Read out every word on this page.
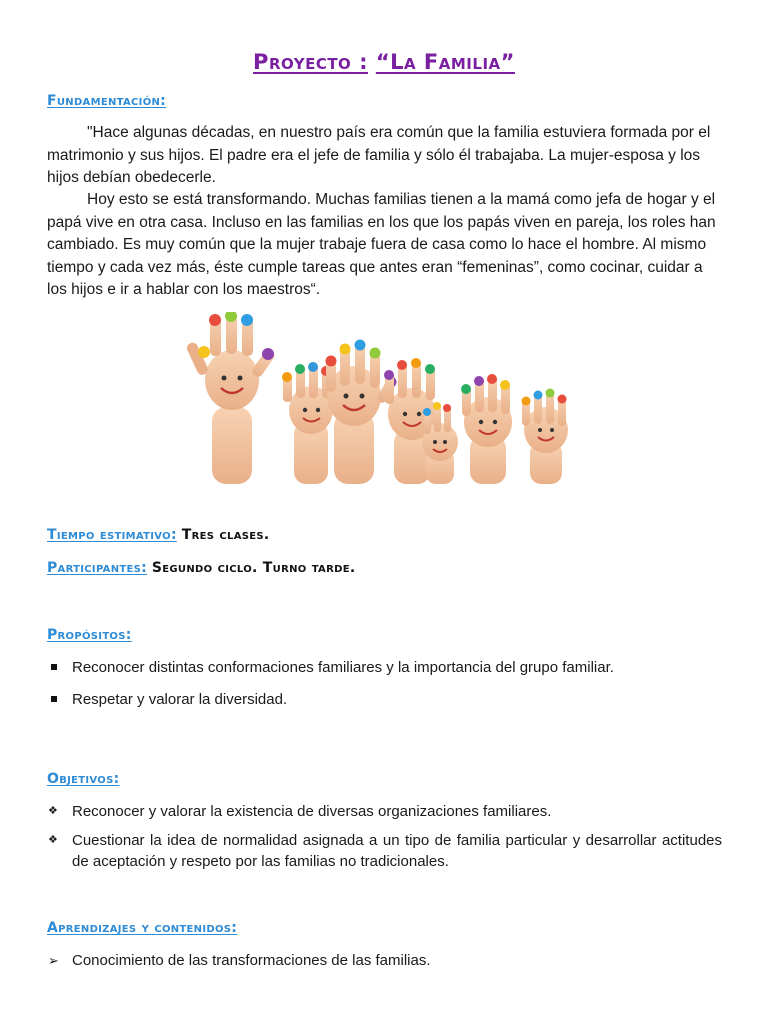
Proyecto : “La Familia”
Fundamentación:

"Hace algunas décadas, en nuestro país era común que la familia estuviera formada por el matrimonio y sus hijos. El padre era el jefe de familia y sólo él trabajaba. La mujer-esposa y los hijos debían obedecerle.

Hoy esto se está transformando. Muchas familias tienen a la mamá como jefa de hogar y el papá vive en otra casa. Incluso en las familias en los que los papás viven en pareja, los roles han cambiado. Es muy común que la mujer trabaje fuera de casa como lo hace el hombre. Al mismo tiempo y cada vez más, éste cumple tareas que antes eran “femeninas”, como cocinar, cuidar a los hijos e ir a hablar con los maestros“.

Tiempo estimativo: Tres clases.
Participantes: Segundo ciclo. Turno tarde.
Propósitos:
Reconocer distintas conformaciones familiares y la importancia del grupo familiar.
Respetar y valorar la diversidad.
Objetivos:
❖ Reconocer y valorar la existencia de diversas organizaciones familiares.
❖ Cuestionar la idea de normalidad asignada a un tipo de familia particular y desarrollar actitudes de aceptación y respeto por las familias no tradicionales.
Aprendizajes y contenidos:
➢ Conocimiento de las transformaciones de las familias.
